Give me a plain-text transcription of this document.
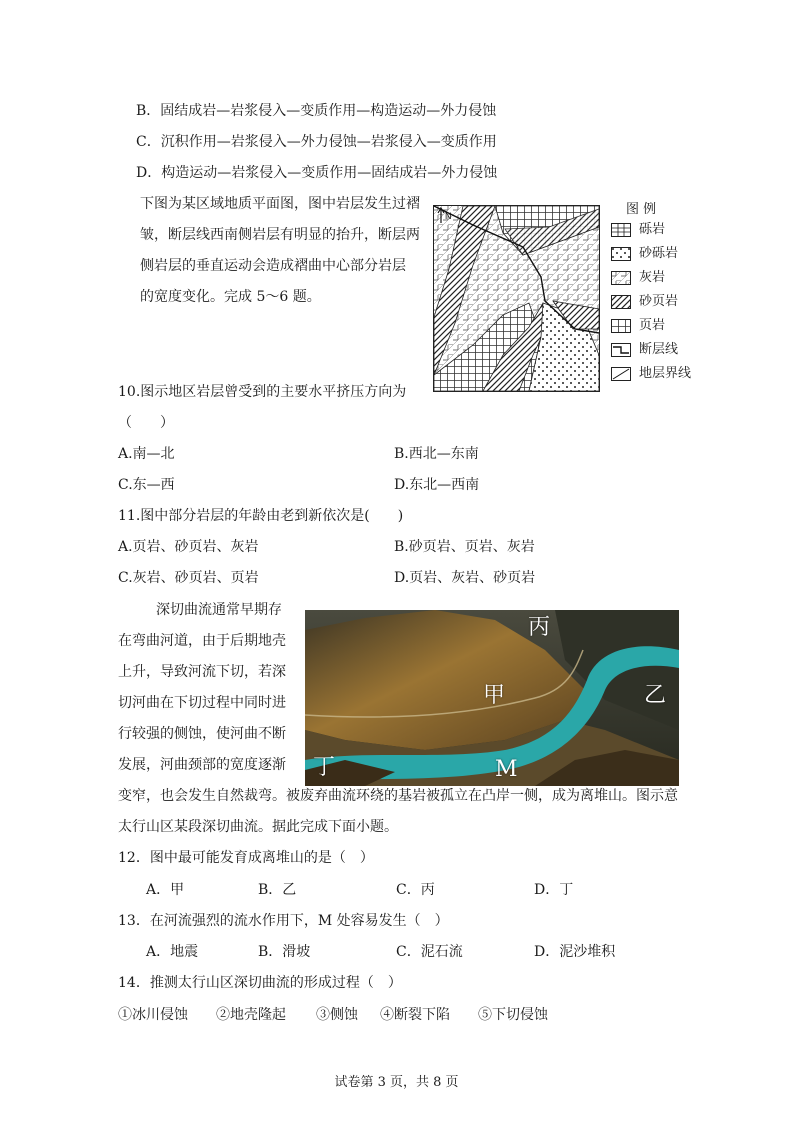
B．固结成岩—岩浆侵入—变质作用—构造运动—外力侵蚀
C．沉积作用—岩浆侵入—外力侵蚀—岩浆侵入—变质作用
D．构造运动—岩浆侵入—变质作用—固结成岩—外力侵蚀
下图为某区域地质平面图，图中岩层发生过褶
皱，断层线西南侧岩层有明显的抬升，断层两
侧岩层的垂直运动会造成褶曲中心部分岩层
的宽度变化。完成 5～6 题。
N	图 例
砾岩
砂砾岩
灰岩
砂页岩
页岩
断层线
地层界线
10.图示地区岩层曾受到的主要水平挤压方向为
（　　）
A.南—北	B.西北—东南
C.东—西	D.东北—西南
11.图中部分岩层的年龄由老到新依次是(　　)
A.页岩、砂页岩、灰岩	B.砂页岩、页岩、灰岩
C.灰岩、砂页岩、页岩	D.页岩、灰岩、砂页岩
深切曲流通常早期存
在弯曲河道，由于后期地壳
上升，导致河流下切，若深
切河曲在下切过程中同时进
行较强的侧蚀，使河曲不断
发展，河曲颈部的宽度逐渐
变窄，也会发生自然裁弯。被废弃曲流环绕的基岩被孤立在凸岸一侧，成为离堆山。图示意
太行山区某段深切曲流。据此完成下面小题。
丙
甲	乙
丁	M
12．图中最可能发育成离堆山的是（　）
A．甲	B．乙	C．丙	D．丁
13．在河流强烈的流水作用下，M 处容易发生（　）
A．地震	B．滑坡	C．泥石流	D．泥沙堆积
14．推测太行山区深切曲流的形成过程（　）
①冰川侵蚀 ②地壳隆起 ③侧蚀 ④断裂下陷 ⑤下切侵蚀
试卷第 3 页，共 8 页
